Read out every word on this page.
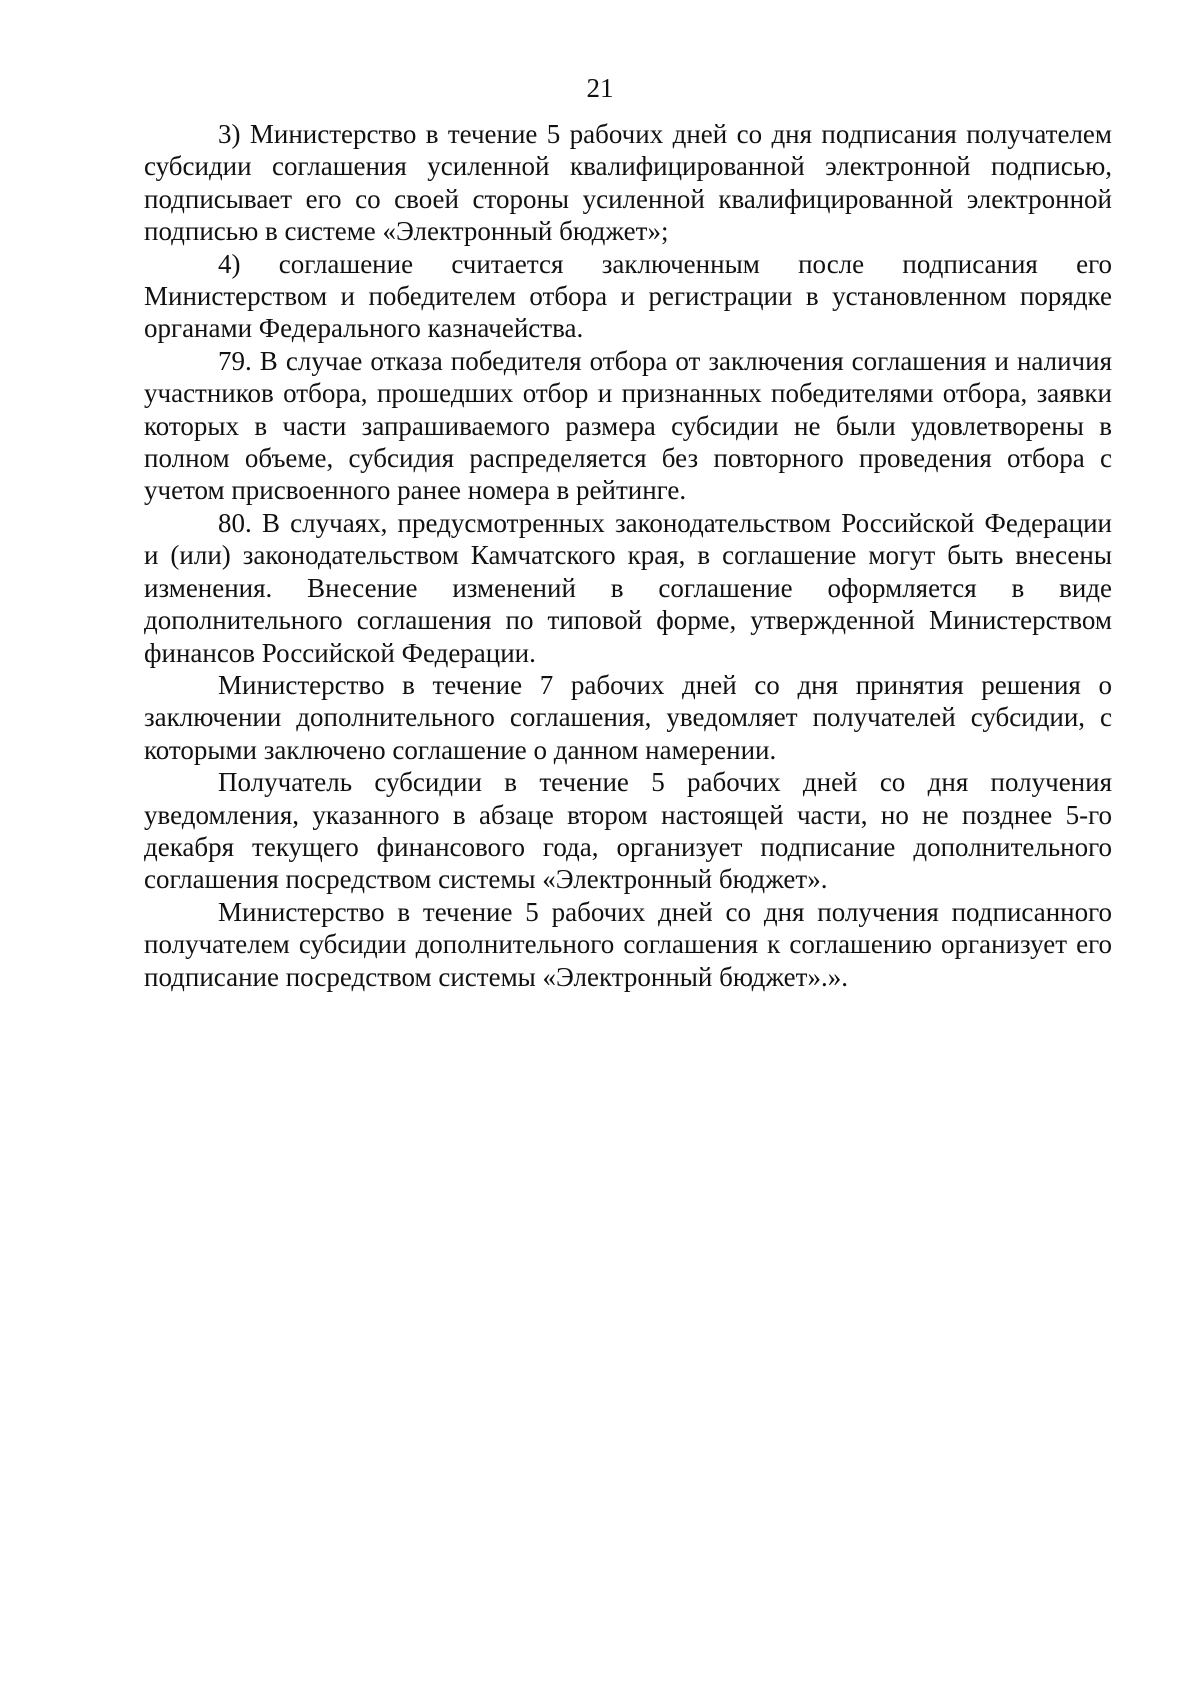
21

3) Министерство в течение 5 рабочих дней со дня подписания получателем субсидии соглашения усиленной квалифицированной электронной подписью, подписывает его со своей стороны усиленной квалифицированной электронной подписью в системе «Электронный бюджет»;

4) соглашение считается заключенным после подписания его Министерством и победителем отбора и регистрации в установленном порядке органами Федерального казначейства.

79. В случае отказа победителя отбора от заключения соглашения и наличия участников отбора, прошедших отбор и признанных победителями отбора, заявки которых в части запрашиваемого размера субсидии не были удовлетворены в полном объеме, субсидия распределяется без повторного проведения отбора с учетом присвоенного ранее номера в рейтинге.

80. В случаях, предусмотренных законодательством Российской Федерации и (или) законодательством Камчатского края, в соглашение могут быть внесены изменения. Внесение изменений в соглашение оформляется в виде дополнительного соглашения по типовой форме, утвержденной Министерством финансов Российской Федерации.

Министерство в течение 7 рабочих дней со дня принятия решения о заключении дополнительного соглашения, уведомляет получателей субсидии, с которыми заключено соглашение о данном намерении.

Получатель субсидии в течение 5 рабочих дней со дня получения уведомления, указанного в абзаце втором настоящей части, но не позднее 5-го декабря текущего финансового года, организует подписание дополнительного соглашения посредством системы «Электронный бюджет».

Министерство в течение 5 рабочих дней со дня получения подписанного получателем субсидии дополнительного соглашения к соглашению организует его подписание посредством системы «Электронный бюджет».».
